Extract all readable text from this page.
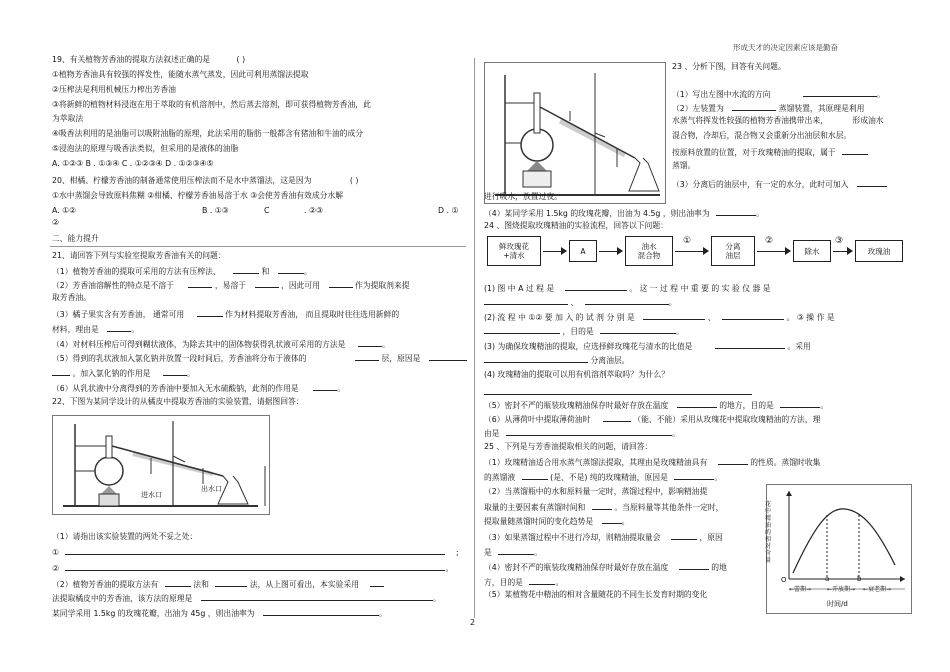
形成天才的决定因素应该是勤奋
19、有关植物芳香油的提取方法叙述正确的是	( )
①植物芳香油具有较强的挥发性，能随水蒸气蒸发，因此可利用蒸馏法提取
②压榨法是利用机械压力榨出芳香油
③将新鲜的植物材料浸泡在用于萃取的有机溶剂中，然后蒸去溶剂，即可获得植物芳香油，此
为萃取法
④吸香法利用的是油脂可以吸附油脂的原理，此法采用的脂肪一般都含有猪油和牛油的成分
⑤浸泡法的原理与吸香法类似，但采用的是液体的油脂
A. ①②③ B . ①③④ C . ①②③④ D . ①②③④⑤
20、柑橘、柠檬芳香油的制备通常使用压榨法而不是水中蒸馏法，这是因为	( )
①水中蒸馏会导致原料焦糊 ②柑橘、柠檬芳香油易溶于水 ③会使芳香油有效成分水解
A. ①②	B . ①③	C	. ②③	D . ①
②
二、能力提升
21、请回答下列与实验室提取芳香油有关的问题：
（1）植物芳香油的提取可采用的方法有压榨法、	和	。
（2）芳香油溶解性的特点是不溶于	，易溶于	，因此可用	作为提取剂来提
取芳香油。
（3）橘子果实含有芳香油， 通常可用	作为材料提取芳香油， 而且提取时往往选用新鲜的
材料，理由是	。
（4）对材料压榨后可得到糊状液体，为除去其中的固体物获得乳状液可采用的方法是	。
（5）得到的乳状液加入氯化钠并放置一段时间后，芳香油将分布于液体的	层，原因是
。加入氯化钠的作用是	。
（6）从乳状液中分离得到的芳香油中要加入无水硫酸钠，此剂的作用是	。
22、下图为某同学设计的从橘皮中提取芳香油的实验装置，请据图回答：
进水口
出水口
（1）请指出该实验装置的两处不妥之处：
①	;
②	。
（2）植物芳香油的提取方法有	法和	法，从上图可看出，本实验采用
法提取橘皮中的芳香油，该方法的原理是	。
某同学采用 1.5kg 的玫瑰花瓣，出油为 45g ，则出油率为	。
23 、分析下图，回答有关问题。
（1）写出左图中水流的方向	。
（2）左装置为	蒸馏装置，其原理是利用
水蒸气将挥发性较强的植物芳香油携带出来，	形成油水
混合物，冷却后，混合物又会重新分出油层和水层。
按原料放置的位置，对于玫瑰精油的提取，属于
蒸馏。
（3）分离后的油层中，有一定的水分，此时可加入
进行吸水，放置过夜。
（4）某同学采用 1.5kg 的玫瑰花瓣，出油为 4.5g ，则出油率为	。
24 、图烧提取玫瑰精油的实验流程，回答以下问题：
鲜玫瑰花
+清水	A	油水
混合物
①
分离
油层
②
除水
③
玫瑰油
(1) 图 中 A 过 程 是	。 这 一 过 程 中 重 要 的 实 验 仪 器 是
、	。
(2) 流 程 中 ①② 要 加 入 的 试 剂 分 别 是	、	。 ③ 操 作 是
，目的是	。
(3) 为确保玫瑰精油的提取，应选择鲜玫瑰花与清水的比值是	。采用
分离油层。
(4) 玫瑰精油的提取可以用有机溶剂萃取吗？为什么？
（5）密封不严的瓶装玫瑰精油保存时最好存放在温度	的地方，目的是	。
（6）从薄荷叶中提取薄荷油时	（能、不能）采用从玫瑰花中提取玫瑰精油的方法，理
由是	。
25 、下列是与芳香油提取相关的问题，请回答：
（1）玫瑰精油适合用水蒸气蒸馏法提取，其理由是玫瑰精油具有	的性质。蒸馏时收集
的蒸馏液	(是、不是) 纯的玫瑰精油，原因是	。
（2）当蒸馏瓶中的水和原料量一定时，蒸馏过程中，影响精油提
取量的主要因素有蒸馏时间和	。当原料量等其他条件一定时，
提取量随蒸馏时间的变化趋势是	。
（3）如果蒸馏过程中不进行冷却，则精油提取量会	，原因
是	。
（4）密封不严的瓶装玫瑰精油保存时最好存放在温度	的地
方，目的是	。
（5）某植物花中精油的相对含量随花的不同生长发育时期的变化
花中精油的相对含量
O	a	b
←蕾期→	←开放期→ ←衰老期→
时间/d
2
